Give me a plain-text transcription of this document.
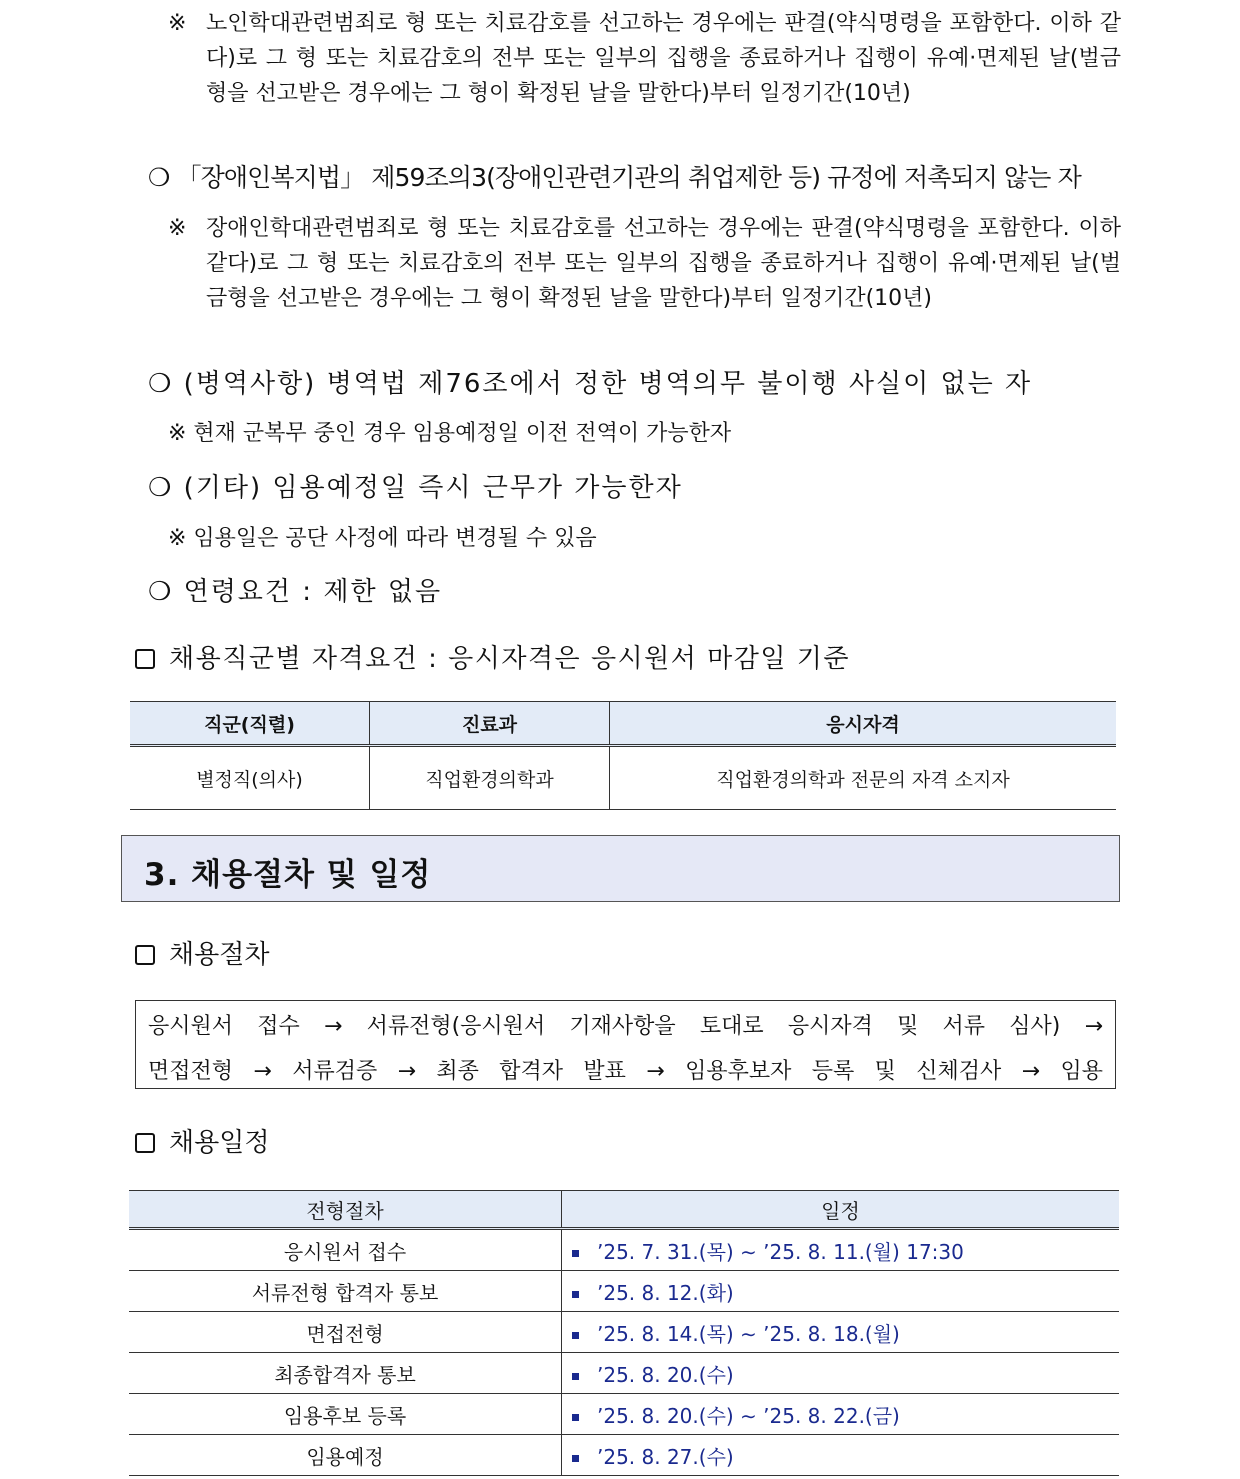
※ 노인학대관련범죄로 형 또는 치료감호를 선고하는 경우에는 판결(약식명령을 포함한다. 이하 같다)로 그 형 또는 치료감호의 전부 또는 일부의 집행을 종료하거나 집행이 유예·면제된 날(벌금형을 선고받은 경우에는 그 형이 확정된 날을 말한다)부터 일정기간(10년)
❍ 「장애인복지법」 제59조의3(장애인관련기관의 취업제한 등) 규정에 저촉되지 않는 자
※ 장애인학대관련범죄로 형 또는 치료감호를 선고하는 경우에는 판결(약식명령을 포함한다. 이하 같다)로 그 형 또는 치료감호의 전부 또는 일부의 집행을 종료하거나 집행이 유예·면제된 날(벌금형을 선고받은 경우에는 그 형이 확정된 날을 말한다)부터 일정기간(10년)
❍ (병역사항) 병역법 제76조에서 정한 병역의무 불이행 사실이 없는 자
※ 현재 군복무 중인 경우 임용예정일 이전 전역이 가능한자
❍ (기타) 임용예정일 즉시 근무가 가능한자
※ 임용일은 공단 사정에 따라 변경될 수 있음
❍ 연령요건 : 제한 없음
채용직군별 자격요건 : 응시자격은 응시원서 마감일 기준
직군(직렬)	진료과	응시자격
별정직(의사)	직업환경의학과	직업환경의학과 전문의 자격 소지자
3. 채용절차 및 일정
채용절차
응시원서 접수 → 서류전형(응시원서 기재사항을 토대로 응시자격 및 서류 심사) →
면접전형 → 서류검증 → 최종 합격자 발표 → 임용후보자 등록 및 신체검사 → 임용
채용일정
전형절차	일정
응시원서 접수	’25. 7. 31.(목) ∼ ’25. 8. 11.(월) 17:30
서류전형 합격자 통보	’25. 8. 12.(화)
면접전형	’25. 8. 14.(목) ∼ ’25. 8. 18.(월)
최종합격자 통보	’25. 8. 20.(수)
임용후보 등록	’25. 8. 20.(수) ∼ ’25. 8. 22.(금)
임용예정	’25. 8. 27.(수)
